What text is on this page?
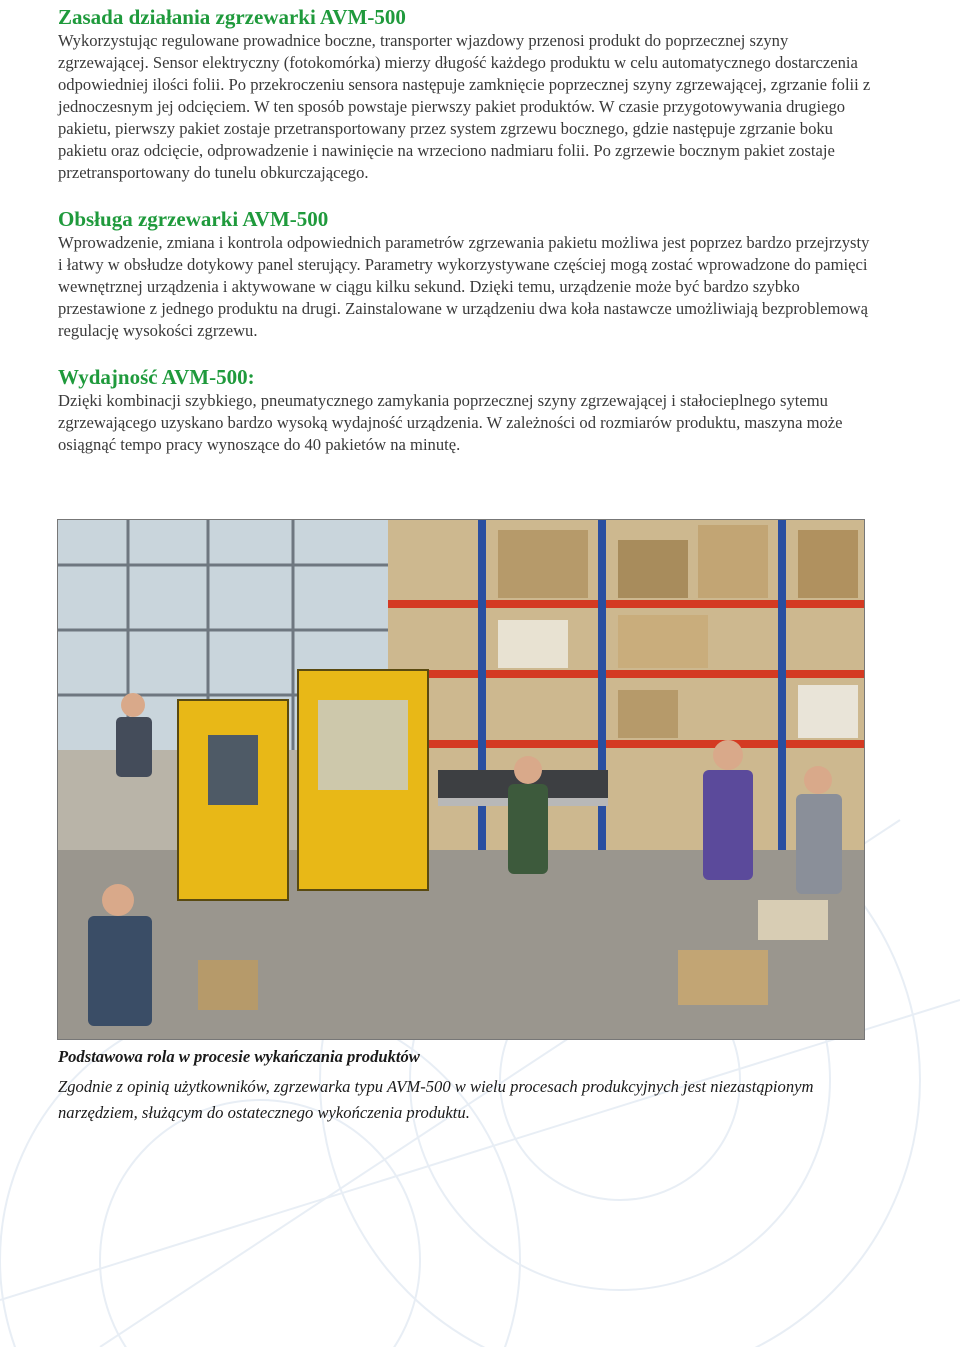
Zasada działania zgrzewarki AVM-500

Wykorzystując regulowane prowadnice boczne, transporter wjazdowy przenosi produkt do poprzecznej szyny zgrzewającej. Sensor elektryczny (fotokomórka) mierzy długość każdego produktu w celu automatycznego dostarczenia odpowiedniej ilości folii. Po przekroczeniu sensora następuje zamknięcie poprzecznej szyny zgrzewającej, zgrzanie folii z jednoczesnym jej odcięciem. W ten sposób powstaje pierwszy pakiet produktów. W czasie przygotowywania drugiego pakietu, pierwszy pakiet zostaje przetransportowany przez system zgrzewu bocznego, gdzie następuje zgrzanie boku pakietu oraz odcięcie, odprowadzenie i nawinięcie na wrzeciono nadmiaru folii. Po zgrzewie bocznym pakiet zostaje przetransportowany do tunelu obkurczającego.

Obsługa zgrzewarki AVM-500

Wprowadzenie, zmiana i kontrola odpowiednich parametrów zgrzewania pakietu możliwa jest poprzez bardzo przejrzysty i łatwy w obsłudze dotykowy panel sterujący. Parametry wykorzystywane częściej mogą zostać wprowadzone do pamięci wewnętrznej urządzenia i aktywowane w ciągu kilku sekund. Dzięki temu, urządzenie może być bardzo szybko przestawione z jednego produktu na drugi. Zainstalowane w urządzeniu dwa koła nastawcze umożliwiają bezproblemową regulację wysokości zgrzewu.

Wydajność AVM-500:

Dzięki kombinacji szybkiego, pneumatycznego zamykania poprzecznej szyny zgrzewającej i stałocieplnego sytemu zgrzewającego uzyskano bardzo wysoką wydajność urządzenia. W zależności od rozmiarów produktu, maszyna może osiągnąć tempo pracy wynoszące do 40 pakietów na minutę.

Podstawowa rola w procesie wykańczania produktów

Zgodnie z opinią użytkowników, zgrzewarka typu AVM-500 w wielu procesach produkcyjnych jest niezastąpionym narzędziem, służącym do ostatecznego wykończenia produktu.
